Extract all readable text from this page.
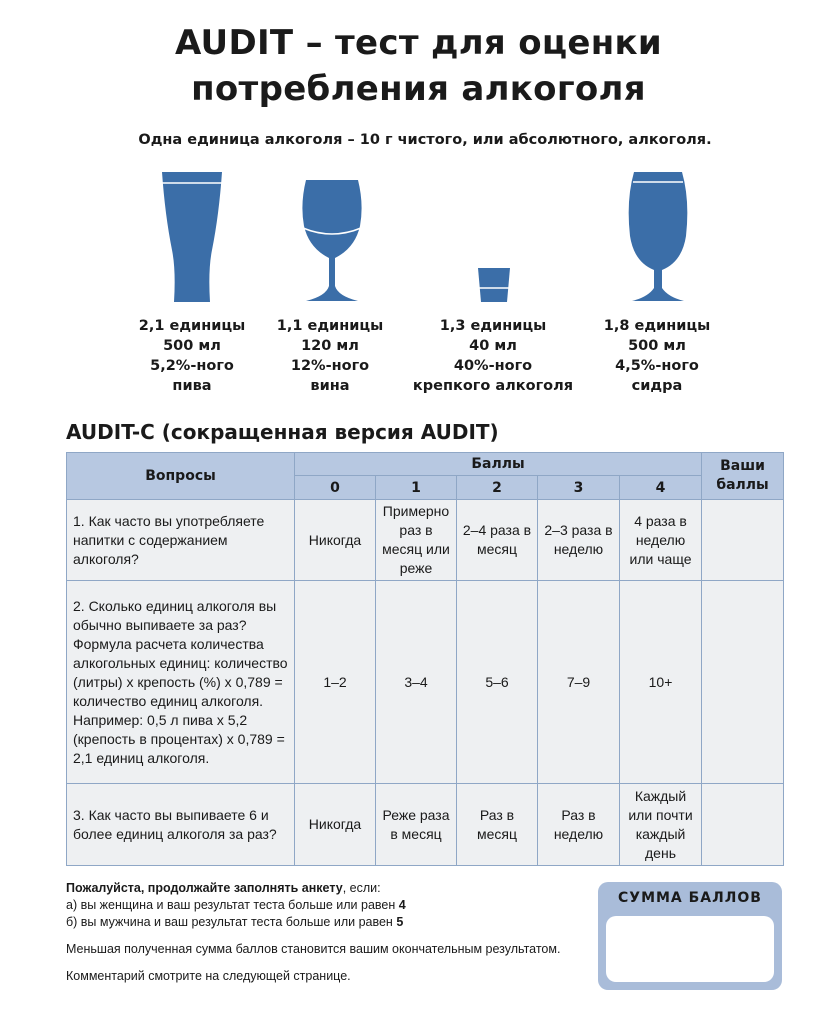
AUDIT – тест для оценки
потребления алкоголя
Одна единица алкоголя – 10 г чистого, или абсолютного, алкоголя.
2,1 единицы
500 мл
5,2%-ного
пива
1,1 единицы
120 мл
12%-ного
вина
1,3 единицы
40 мл
40%-ного
крепкого алкоголя
1,8 единицы
500 мл
4,5%-ного
сидра
AUDIT-C (сокращенная версия AUDIT)
Вопросы	Баллы					Ваши баллы
	0	1	2	3	4	
1. Как часто вы употребляете напитки с содержанием алкоголя?	Никогда	Примерно раз в месяц или реже	2–4 раза в месяц	2–3 раза в неделю	4 раза в неделю или чаще	
2. Сколько единиц алкоголя вы обычно выпиваете за раз? Формула расчета количества алкогольных единиц: количество (литры) x крепость (%) x 0,789 = количество единиц алкоголя. Например: 0,5 л пива x 5,2 (крепость в процентах) x 0,789 = 2,1 единиц алкоголя.	1–2	3–4	5–6	7–9	10+	
3. Как часто вы выпиваете 6 и более единиц алкоголя за раз?	Никогда	Реже раза в месяц	Раз в месяц	Раз в неделю	Каждый или почти каждый день	

Пожалуйста, продолжайте заполнять анкету, если:

а) вы женщина и ваш результат теста больше или равен 4

б) вы мужчина и ваш результат теста больше или равен 5

Меньшая полученная сумма баллов становится вашим окончательным результатом.

Комментарий смотрите на следующей странице.

СУММА БАЛЛОВ
